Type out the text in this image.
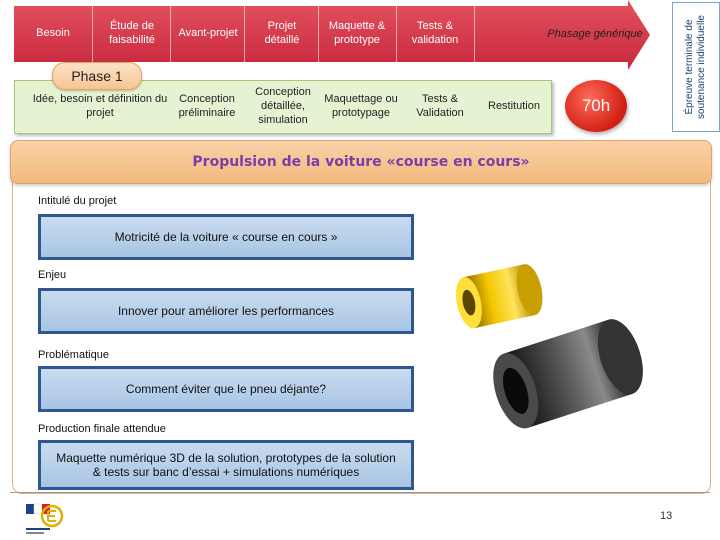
Besoin
Étude de faisabilité
Avant-projet
Projet détaillé
Maquette & prototype
Tests & validation	Phasage générique
Phase 1
Idée, besoin et définition du projet
Conception préliminaire
Conception détaillée, simulation
Maquettage ou prototypage
Tests & Validation
Restitution	70h	Épreuve terminale de soutenance individuelle
Propulsion de la voiture «course en cours»
Intitulé du projet
Motricité de la voiture « course en cours »
Enjeu
Innover pour améliorer les performances
Problématique
Comment éviter que le pneu déjante?
Production finale attendue
Maquette numérique 3D de la solution, prototypes de la solution & tests sur banc d’essai + simulations numériques
13
